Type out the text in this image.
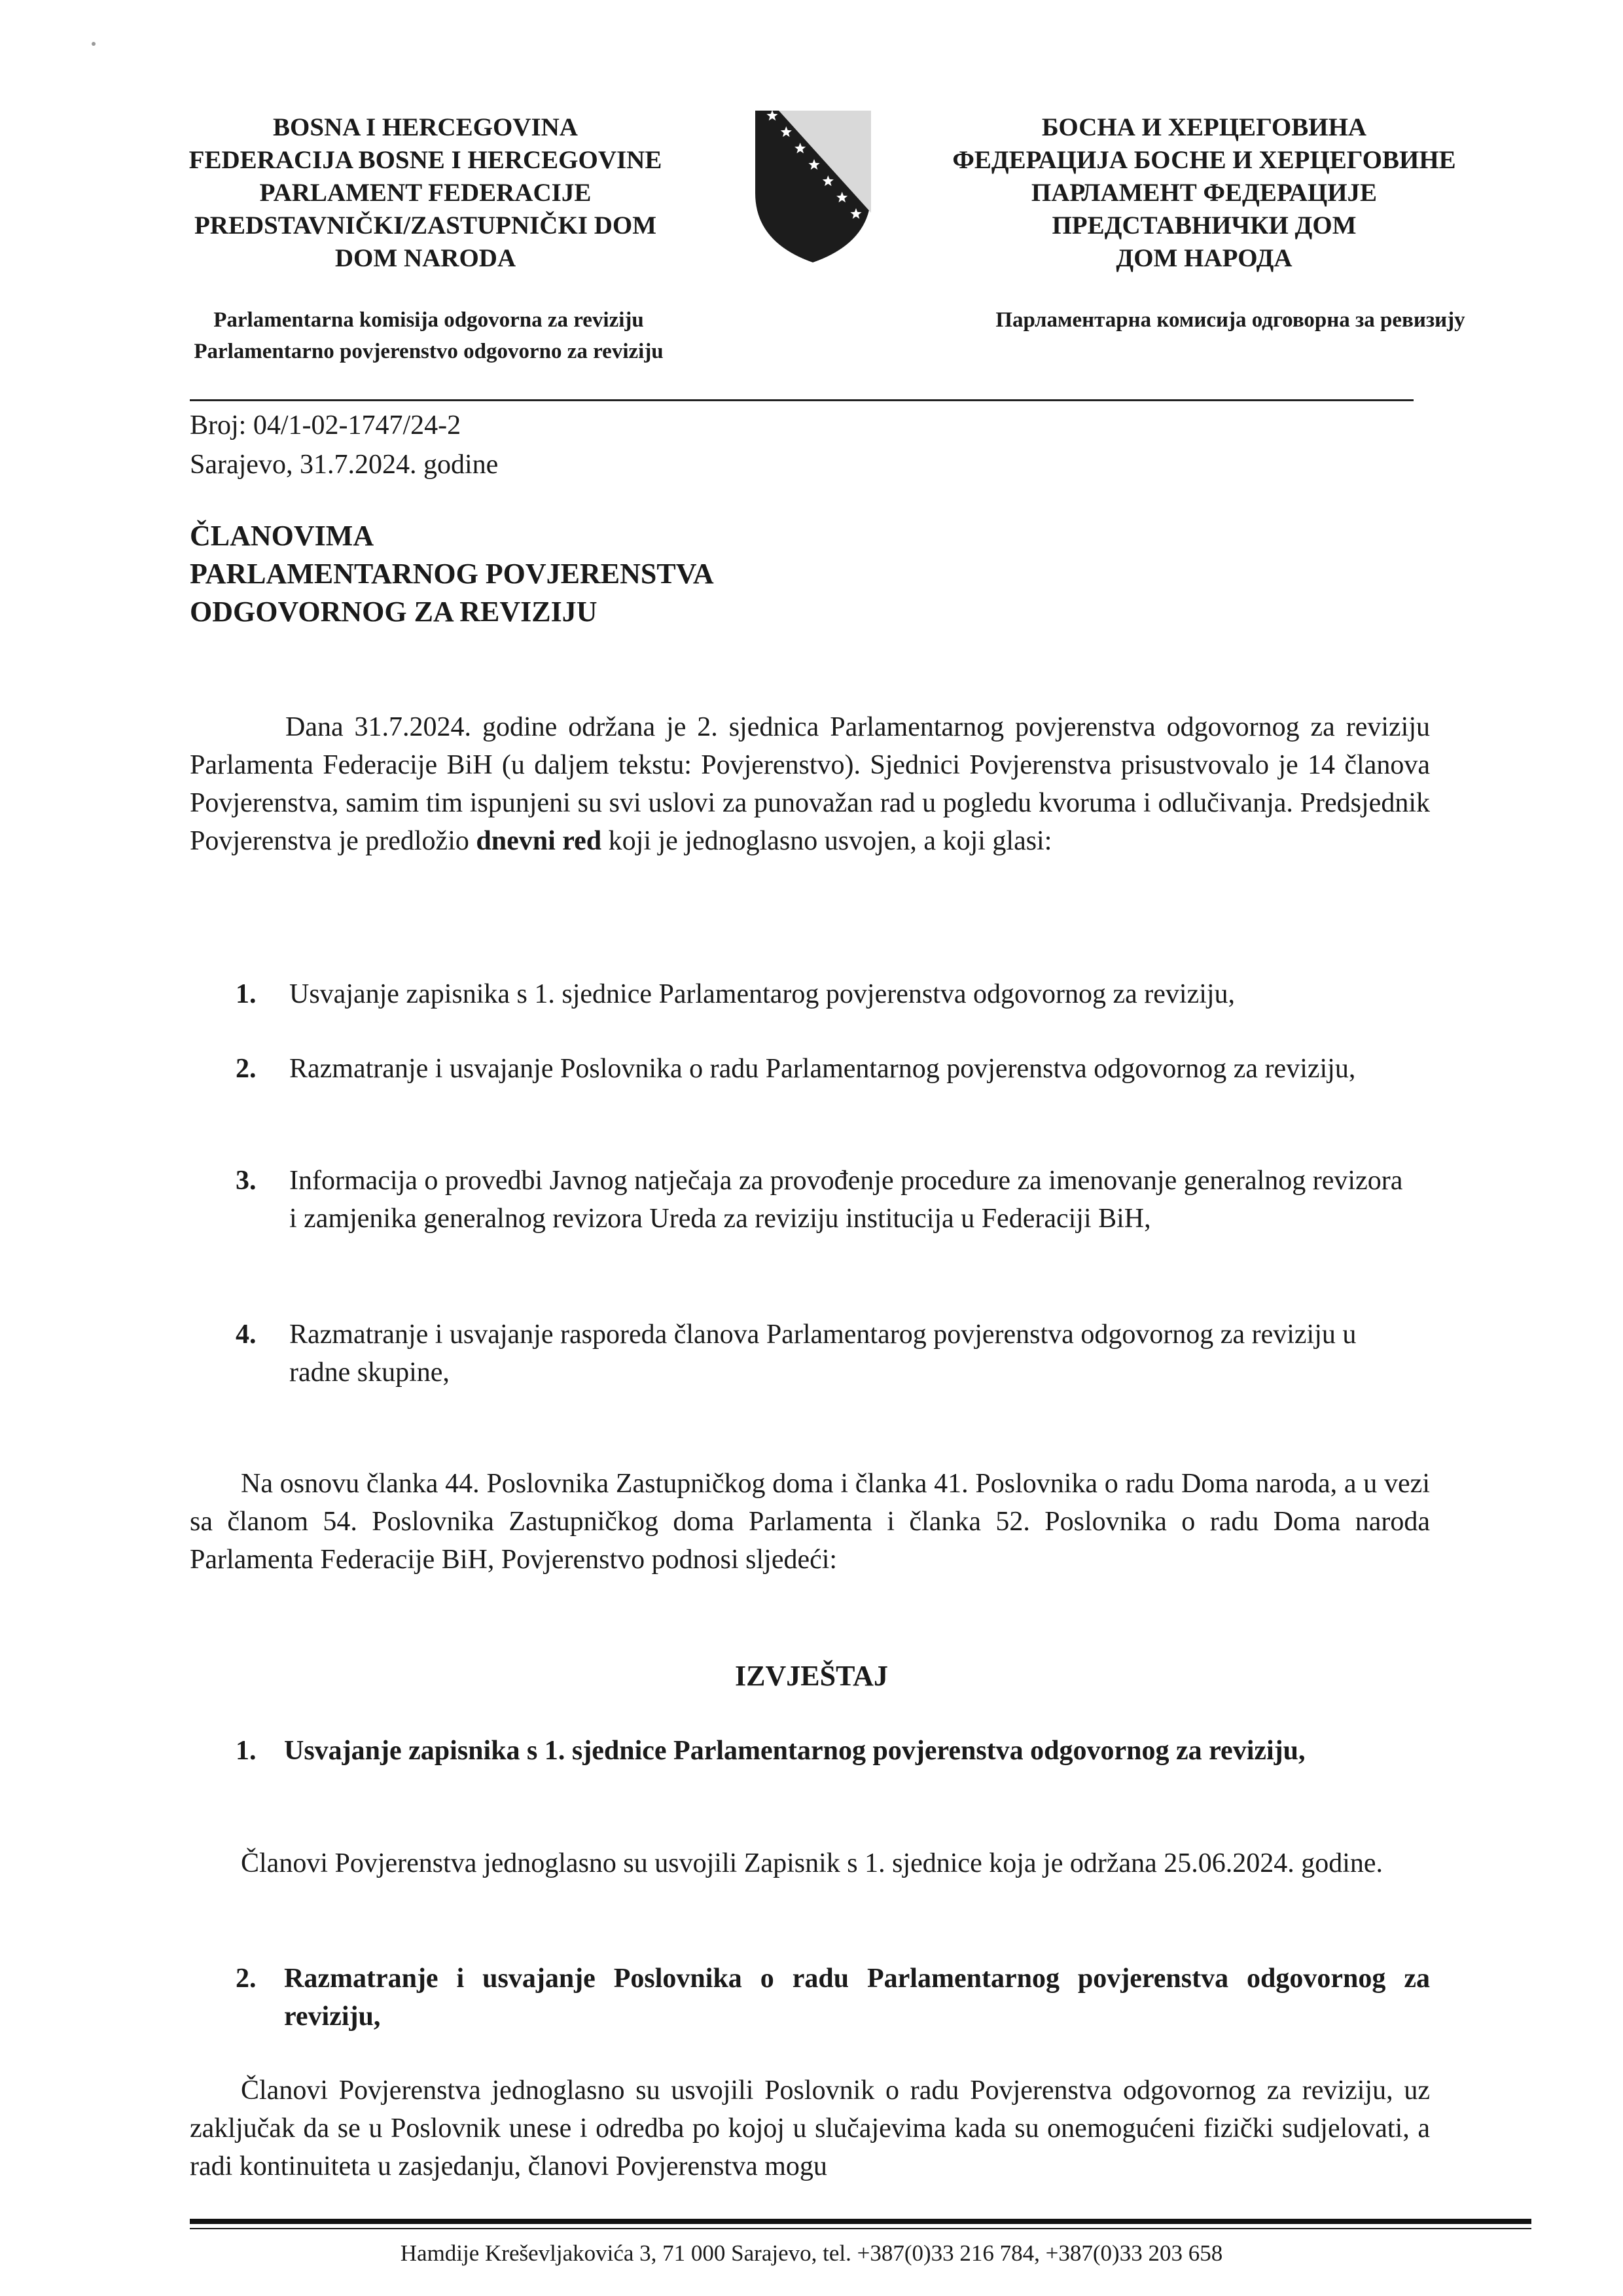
BOSNA I HERCEGOVINA

FEDERACIJA BOSNE I HERCEGOVINE

PARLAMENT FEDERACIJE

PREDSTAVNIČKI/ZASTUPNIČKI DOM

DOM NARODA

Parlamentarna komisija odgovorna za reviziju

Parlamentarno povjerenstvo odgovorno za reviziju

БОСНА И ХЕРЦЕГОВИНА

ФЕДЕРАЦИЈА БОСНЕ И ХЕРЦЕГОВИНЕ

ПАРЛАМЕНТ ФЕДЕРАЦИЈЕ

ПРЕДСТАВНИЧКИ ДОМ

ДОМ НАРОДА

Парламентарна комисија одговорна за ревизију

Broj: 04/1-02-1747/24-2

Sarajevo, 31.7.2024. godine

ČLANOVIMA

PARLAMENTARNOG POVJERENSTVA

ODGOVORNOG ZA REVIZIJU

Dana 31.7.2024. godine održana je 2. sjednica Parlamentarnog povjerenstva odgovornog za reviziju Parlamenta Federacije BiH (u daljem tekstu: Povjerenstvo). Sjednici Povjerenstva prisustvovalo je 14 članova Povjerenstva, samim tim ispunjeni su svi uslovi za punovažan rad u pogledu kvoruma i odlučivanja. Predsjednik Povjerenstva je predložio dnevni red koji je jednoglasno usvojen, a koji glasi:

1. Usvajanje zapisnika s 1. sjednice Parlamentarog povjerenstva odgovornog za reviziju,

2. Razmatranje i usvajanje Poslovnika o radu Parlamentarnog povjerenstva odgovornog za reviziju,

3. Informacija o provedbi Javnog natječaja za provođenje procedure za imenovanje generalnog revizora i zamjenika generalnog revizora Ureda za reviziju institucija u Federaciji BiH,

4. Razmatranje i usvajanje rasporeda članova Parlamentarog povjerenstva odgovornog za reviziju u radne skupine,

Na osnovu članka 44. Poslovnika Zastupničkog doma i članka 41. Poslovnika o radu Doma naroda, a u vezi sa članom 54. Poslovnika Zastupničkog doma Parlamenta i članka 52. Poslovnika o radu Doma naroda Parlamenta Federacije BiH, Povjerenstvo podnosi sljedeći:

IZVJEŠTAJ
1.	Usvajanje zapisnika s 1. sjednice Parlamentarnog povjerenstva odgovornog za reviziju,

Članovi Povjerenstva jednoglasno su usvojili Zapisnik s 1. sjednice koja je održana 25.06.2024. godine.

2.	Razmatranje i usvajanje Poslovnika o radu Parlamentarnog povjerenstva odgovornog za reviziju,

Članovi Povjerenstva jednoglasno su usvojili Poslovnik o radu Povjerenstva odgovornog za reviziju, uz zaključak da se u Poslovnik unese i odredba po kojoj u slučajevima kada su onemogućeni fizički sudjelovati, a radi kontinuiteta u zasjedanju, članovi Povjerenstva mogu

Hamdije Kreševljakovića 3, 71 000 Sarajevo, tel. +387(0)33 216 784, +387(0)33 203 658
